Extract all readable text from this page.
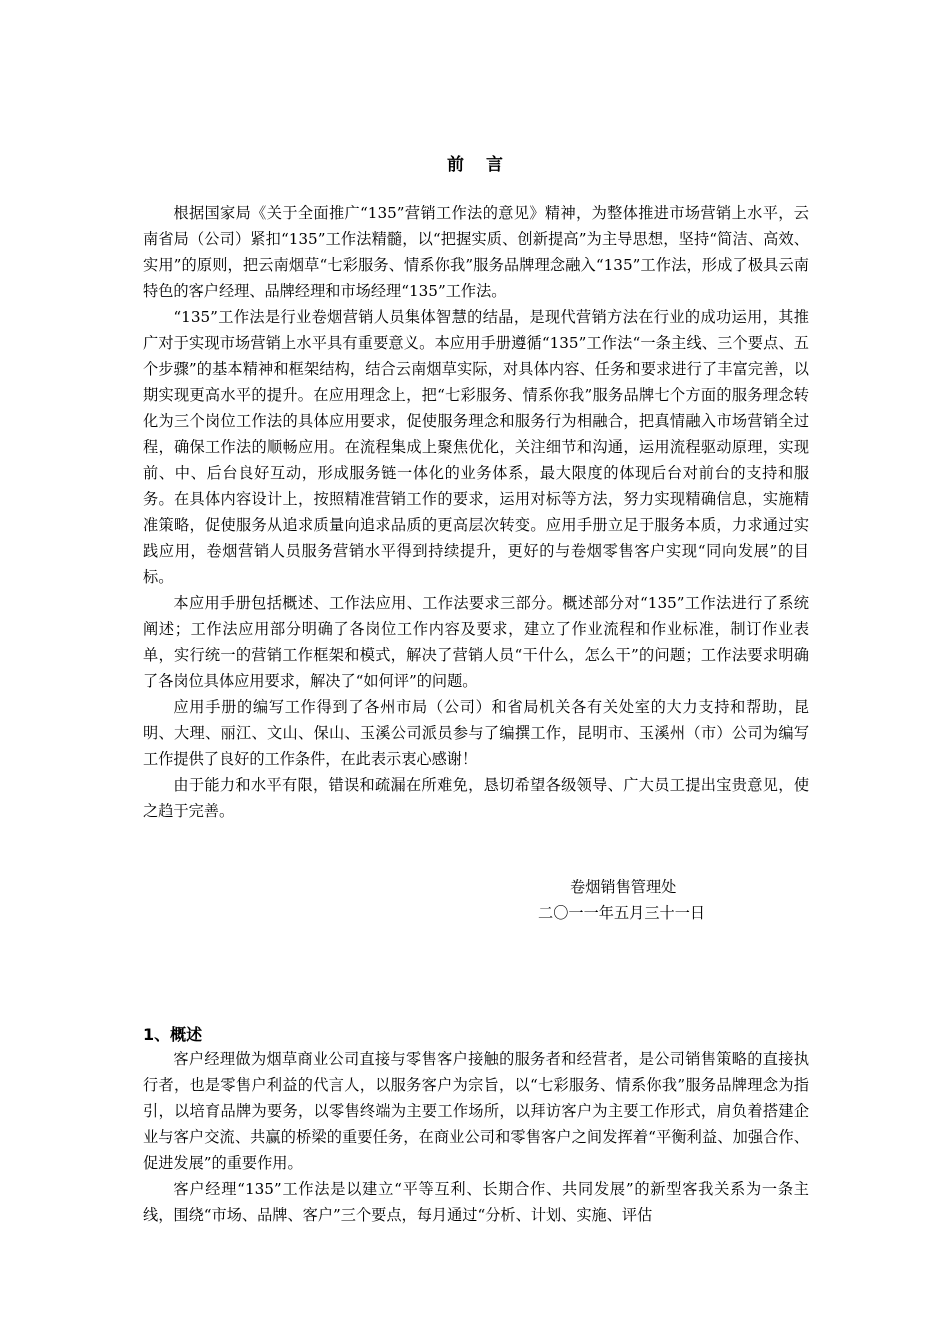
前言

根据国家局《关于全面推广“135”营销工作法的意见》精神，为整体推进市场营销上水平，云南省局（公司）紧扣“135”工作法精髓，以“把握实质、创新提高”为主导思想，坚持“简洁、高效、实用”的原则，把云南烟草“七彩服务、情系你我”服务品牌理念融入“135”工作法，形成了极具云南特色的客户经理、品牌经理和市场经理“135”工作法。

“135”工作法是行业卷烟营销人员集体智慧的结晶，是现代营销方法在行业的成功运用，其推广对于实现市场营销上水平具有重要意义。本应用手册遵循“135”工作法“一条主线、三个要点、五个步骤”的基本精神和框架结构，结合云南烟草实际，对具体内容、任务和要求进行了丰富完善，以期实现更高水平的提升。在应用理念上，把“七彩服务、情系你我”服务品牌七个方面的服务理念转化为三个岗位工作法的具体应用要求，促使服务理念和服务行为相融合，把真情融入市场营销全过程，确保工作法的顺畅应用。在流程集成上聚焦优化，关注细节和沟通，运用流程驱动原理，实现前、中、后台良好互动，形成服务链一体化的业务体系，最大限度的体现后台对前台的支持和服务。在具体内容设计上，按照精准营销工作的要求，运用对标等方法，努力实现精确信息，实施精准策略，促使服务从追求质量向追求品质的更高层次转变。应用手册立足于服务本质，力求通过实践应用，卷烟营销人员服务营销水平得到持续提升，更好的与卷烟零售客户实现“同向发展”的目标。

本应用手册包括概述、工作法应用、工作法要求三部分。概述部分对“135”工作法进行了系统阐述；工作法应用部分明确了各岗位工作内容及要求，建立了作业流程和作业标准，制订作业表单，实行统一的营销工作框架和模式，解决了营销人员“干什么，怎么干”的问题；工作法要求明确了各岗位具体应用要求，解决了“如何评”的问题。

应用手册的编写工作得到了各州市局（公司）和省局机关各有关处室的大力支持和帮助，昆明、大理、丽江、文山、保山、玉溪公司派员参与了编撰工作，昆明市、玉溪州（市）公司为编写工作提供了良好的工作条件，在此表示衷心感谢！

由于能力和水平有限，错误和疏漏在所难免，恳切希望各级领导、广大员工提出宝贵意见，使之趋于完善。

卷烟销售管理处
二〇一一年五月三十一日
1、概述

客户经理做为烟草商业公司直接与零售客户接触的服务者和经营者，是公司销售策略的直接执行者，也是零售户利益的代言人，以服务客户为宗旨，以“七彩服务、情系你我”服务品牌理念为指引，以培育品牌为要务，以零售终端为主要工作场所，以拜访客户为主要工作形式，肩负着搭建企业与客户交流、共赢的桥梁的重要任务，在商业公司和零售客户之间发挥着“平衡利益、加强合作、促进发展”的重要作用。

客户经理“135”工作法是以建立“平等互利、长期合作、共同发展”的新型客我关系为一条主线，围绕“市场、品牌、客户”三个要点，每月通过“分析、计划、实施、评估
